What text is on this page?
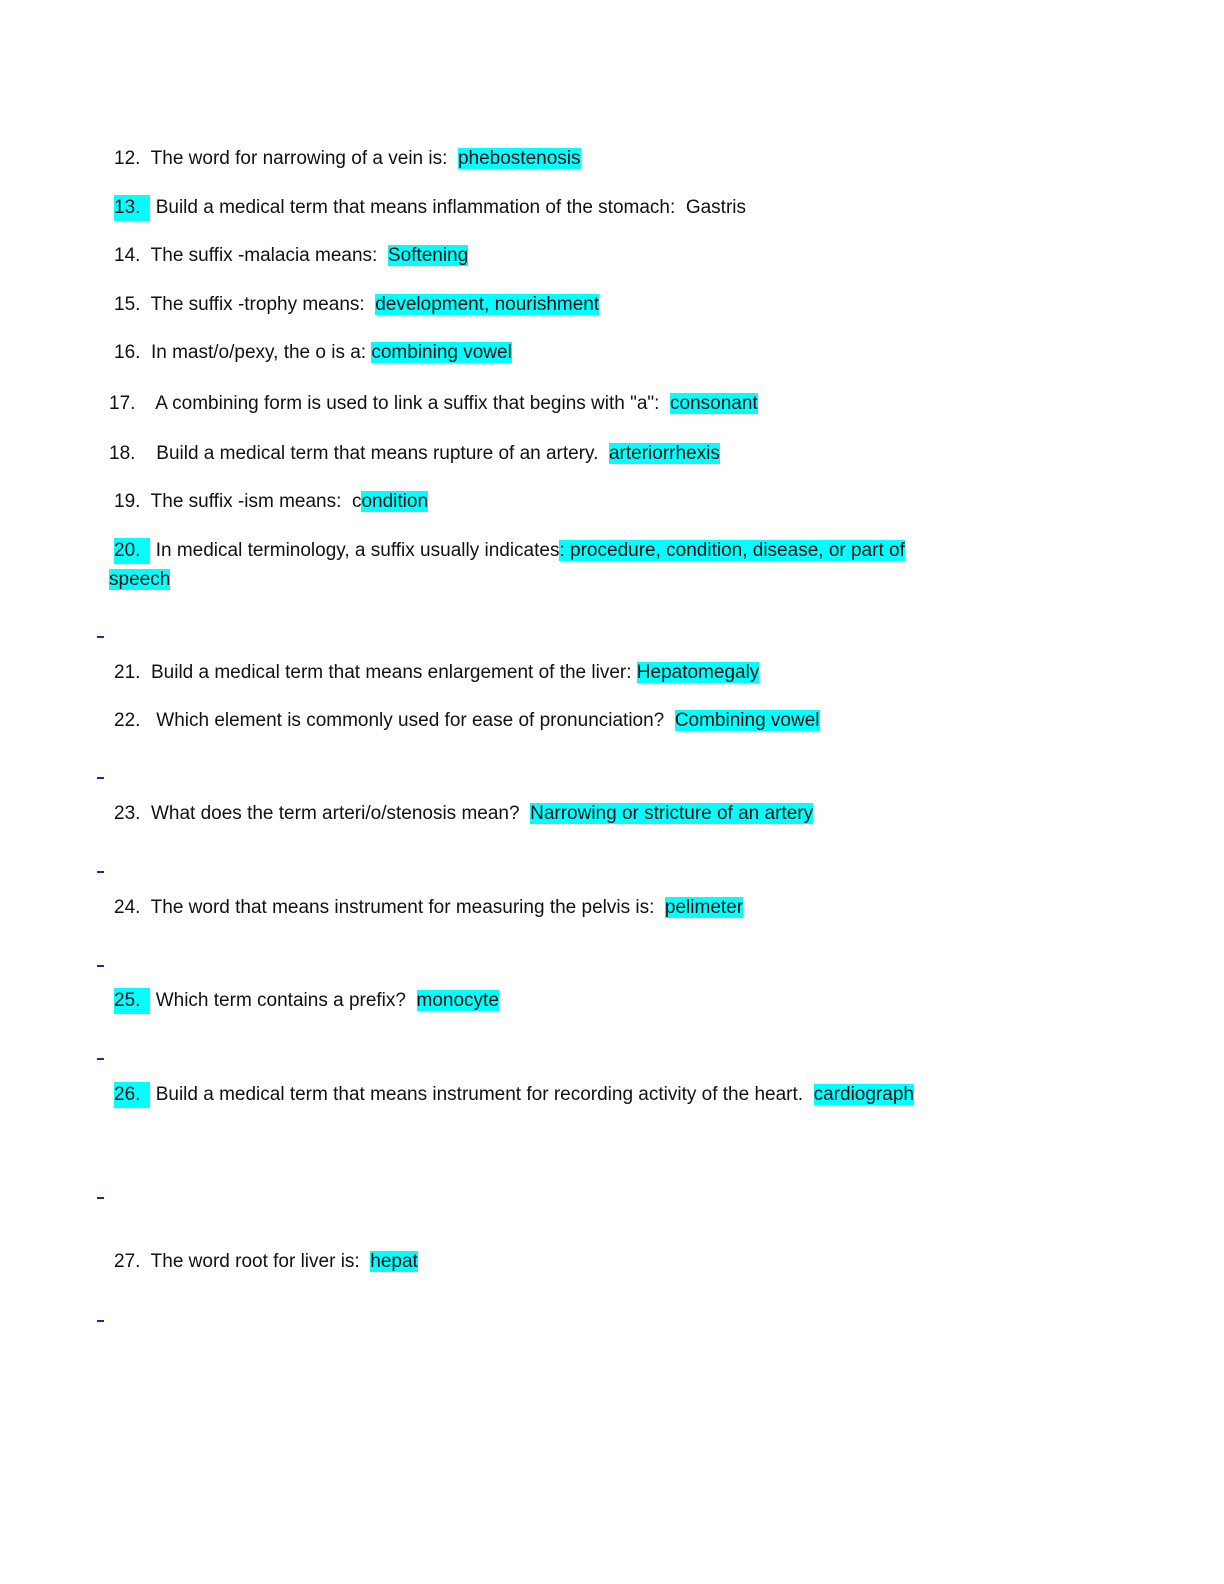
12. The word for narrowing of a vein is:  phebostenosis
13. Build a medical term that means inflammation of the stomach:  Gastris
14. The suffix -malacia means:  Softening
15. The suffix -trophy means:  development, nourishment
16. In mast/o/pexy, the o is a: combining vowel
17. A combining form is used to link a suffix that begins with "a":  consonant
18. Build a medical term that means rupture of an artery.  arteriorrhexis
19. The suffix -ism means:  condition
20. In medical terminology, a suffix usually indicates: procedure, condition, disease, or part of
speech
21. Build a medical term that means enlargement of the liver: Hepatomegaly
22.   Which element is commonly used for ease of pronunciation?  Combining vowel
23. What does the term arteri/o/stenosis mean?  Narrowing or stricture of an artery
24. The word that means instrument for measuring the pelvis is:  pelimeter
25. Which term contains a prefix?  monocyte
26. Build a medical term that means instrument for recording activity of the heart.  cardiograph
27. The word root for liver is:  hepat
